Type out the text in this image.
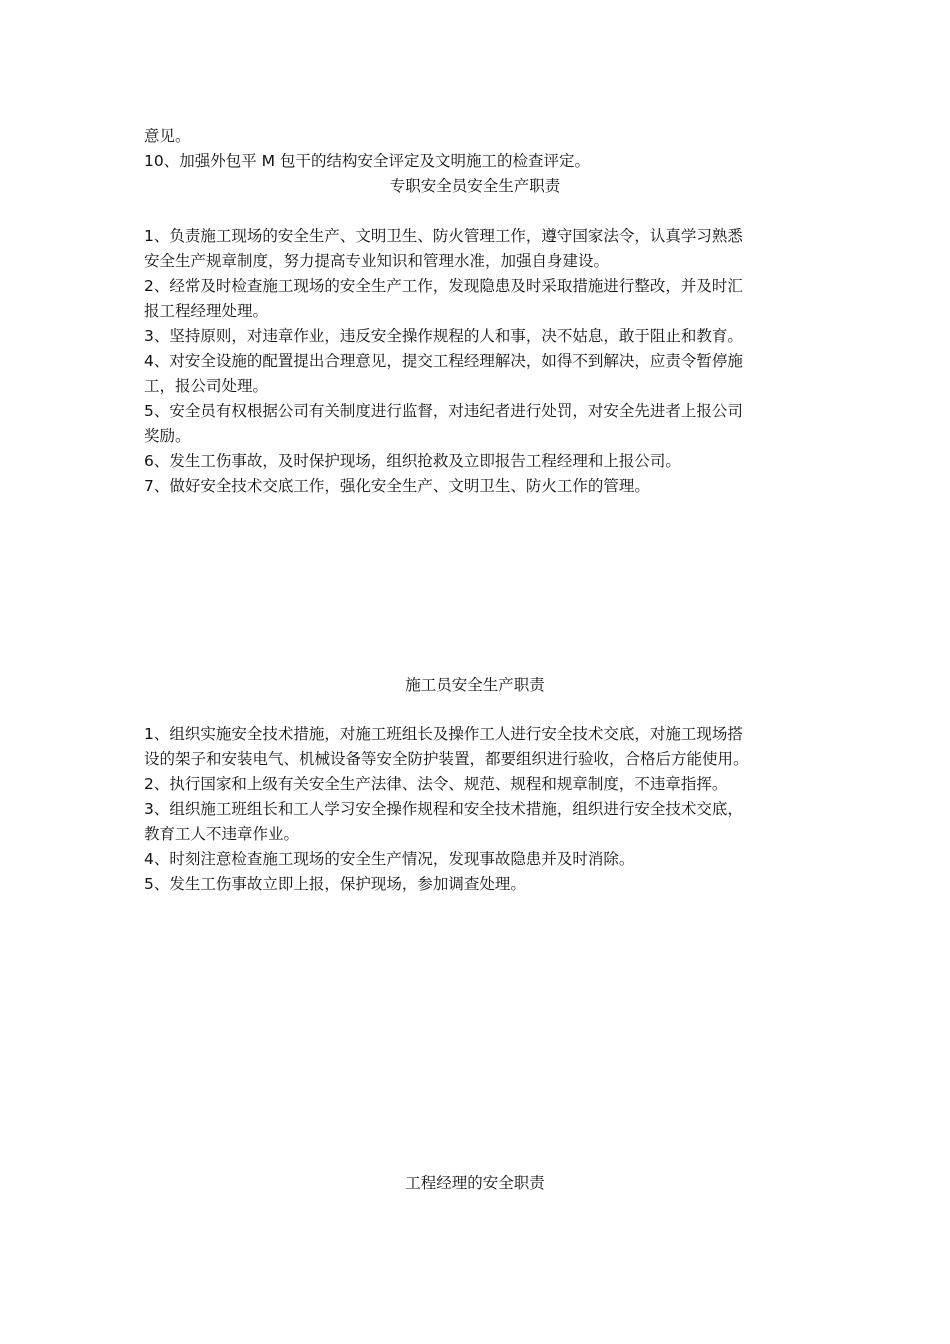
意见。
10、加强外包平 M 包干的结构安全评定及文明施工的检查评定。
专职安全员安全生产职责
1、负责施工现场的安全生产、文明卫生、防火管理工作，遵守国家法令，认真学习熟悉
安全生产规章制度，努力提高专业知识和管理水准，加强自身建设。
2、经常及时检查施工现场的安全生产工作，发现隐患及时采取措施进行整改，并及时汇
报工程经理处理。
3、坚持原则，对违章作业，违反安全操作规程的人和事，决不姑息，敢于阻止和教育。
4、对安全设施的配置提出合理意见，提交工程经理解决，如得不到解决，应责令暂停施
工，报公司处理。
5、安全员有权根据公司有关制度进行监督，对违纪者进行处罚，对安全先进者上报公司
奖励。
6、发生工伤事故，及时保护现场，组织抢救及立即报告工程经理和上报公司。
7、做好安全技术交底工作，强化安全生产、文明卫生、防火工作的管理。
施工员安全生产职责
1、组织实施安全技术措施，对施工班组长及操作工人进行安全技术交底，对施工现场搭
设的架子和安装电气、机械设备等安全防护装置，都要组织进行验收，合格后方能使用。
2、执行国家和上级有关安全生产法律、法令、规范、规程和规章制度，不违章指挥。
3、组织施工班组长和工人学习安全操作规程和安全技术措施，组织进行安全技术交底，
教育工人不违章作业。
4、时刻注意检查施工现场的安全生产情况，发现事故隐患并及时消除。
5、发生工伤事故立即上报，保护现场，参加调查处理。
工程经理的安全职责
